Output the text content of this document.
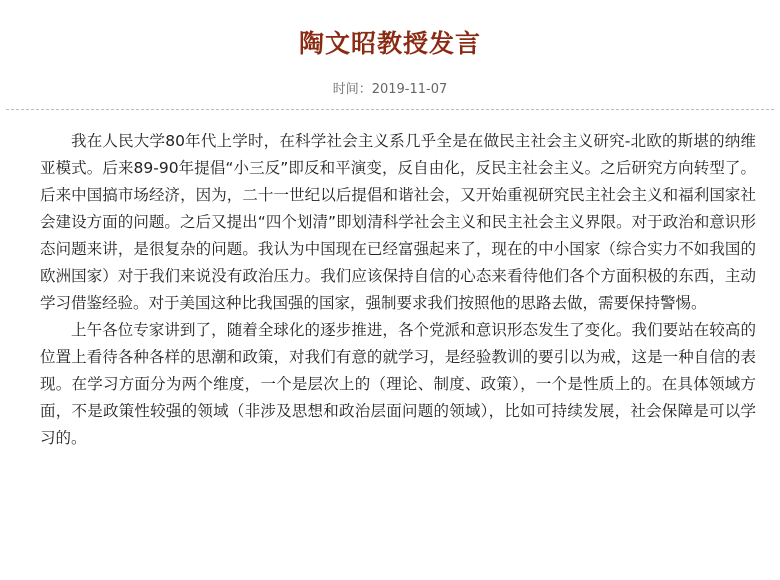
陶文昭教授发言
时间：2019-11-07

我在人民大学80年代上学时，在科学社会主义系几乎全是在做民主社会主义研究-北欧的斯堪的纳维亚模式。后来89-90年提倡“小三反”即反和平演变，反自由化，反民主社会主义。之后研究方向转型了。后来中国搞市场经济，因为，二十一世纪以后提倡和谐社会，又开始重视研究民主社会主义和福利国家社会建设方面的问题。之后又提出“四个划清”即划清科学社会主义和民主社会主义界限。对于政治和意识形态问题来讲，是很复杂的问题。我认为中国现在已经富强起来了，现在的中小国家（综合实力不如我国的欧洲国家）对于我们来说没有政治压力。我们应该保持自信的心态来看待他们各个方面积极的东西，主动学习借鉴经验。对于美国这种比我国强的国家，强制要求我们按照他的思路去做，需要保持警惕。

上午各位专家讲到了，随着全球化的逐步推进，各个党派和意识形态发生了变化。我们要站在较高的位置上看待各种各样的思潮和政策，对我们有意的就学习，是经验教训的要引以为戒，这是一种自信的表现。在学习方面分为两个维度，一个是层次上的（理论、制度、政策），一个是性质上的。在具体领域方面，不是政策性较强的领域（非涉及思想和政治层面问题的领域），比如可持续发展，社会保障是可以学习的。
